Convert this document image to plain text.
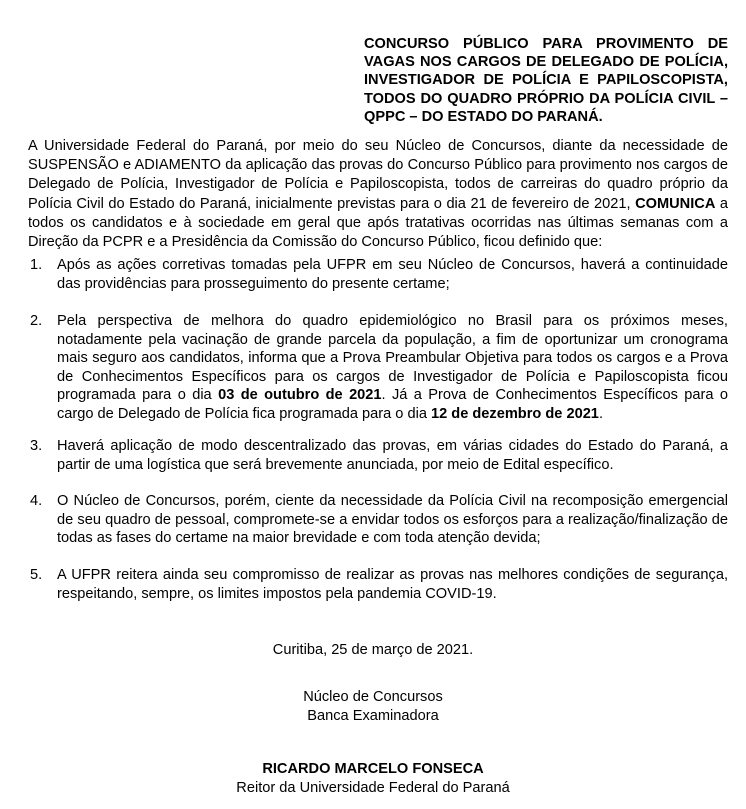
CONCURSO PÚBLICO PARA PROVIMENTO DE VAGAS NOS CARGOS DE DELEGADO DE POLÍCIA, INVESTIGADOR DE POLÍCIA E PAPILOSCOPISTA, TODOS DO QUADRO PRÓPRIO DA POLÍCIA CIVIL – QPPC – DO ESTADO DO PARANÁ.

A Universidade Federal do Paraná, por meio do seu Núcleo de Concursos, diante da necessidade de SUSPENSÃO e ADIAMENTO da aplicação das provas do Concurso Público para provimento nos cargos de Delegado de Polícia, Investigador de Polícia e Papiloscopista, todos de carreiras do quadro próprio da Polícia Civil do Estado do Paraná, inicialmente previstas para o dia 21 de fevereiro de 2021, COMUNICA a todos os candidatos e à sociedade em geral que após tratativas ocorridas nas últimas semanas com a Direção da PCPR e a Presidência da Comissão do Concurso Público, ficou definido que:

1. Após as ações corretivas tomadas pela UFPR em seu Núcleo de Concursos, haverá a continuidade das providências para prosseguimento do presente certame;
2. Pela perspectiva de melhora do quadro epidemiológico no Brasil para os próximos meses, notadamente pela vacinação de grande parcela da população, a fim de oportunizar um cronograma mais seguro aos candidatos, informa que a Prova Preambular Objetiva para todos os cargos e a Prova de Conhecimentos Específicos para os cargos de Investigador de Polícia e Papiloscopista ficou programada para o dia 03 de outubro de 2021. Já a Prova de Conhecimentos Específicos para o cargo de Delegado de Polícia fica programada para o dia 12 de dezembro de 2021.
3. Haverá aplicação de modo descentralizado das provas, em várias cidades do Estado do Paraná, a partir de uma logística que será brevemente anunciada, por meio de Edital específico.
4. O Núcleo de Concursos, porém, ciente da necessidade da Polícia Civil na recomposição emergencial de seu quadro de pessoal, compromete-se a envidar todos os esforços para a realização/finalização de todas as fases do certame na maior brevidade e com toda atenção devida;
5. A UFPR reitera ainda seu compromisso de realizar as provas nas melhores condições de segurança, respeitando, sempre, os limites impostos pela pandemia COVID-19.
Curitiba, 25 de março de 2021.
Núcleo de Concursos
Banca Examinadora
RICARDO MARCELO FONSECA
Reitor da Universidade Federal do Paraná
